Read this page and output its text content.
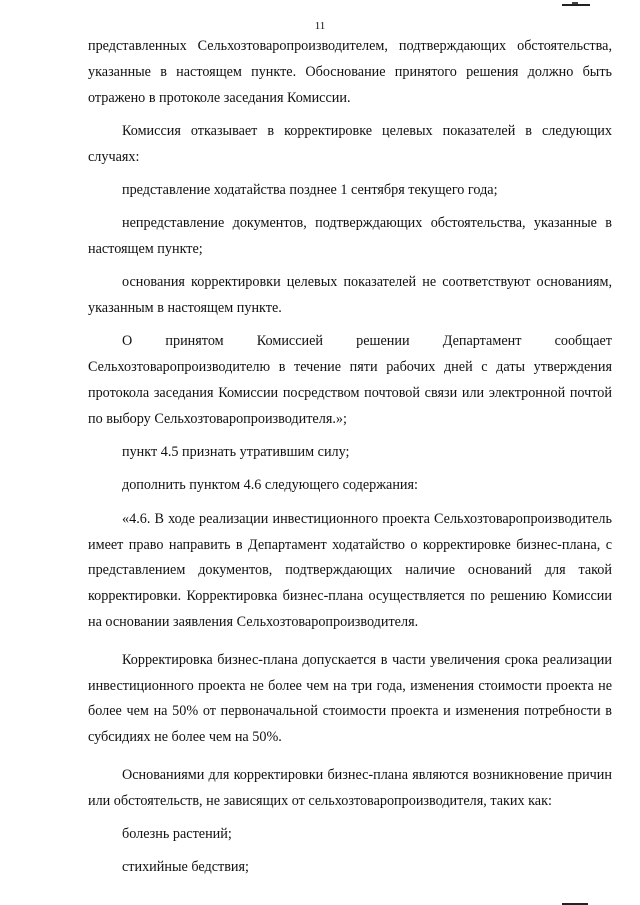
11

представленных Сельхозтоваропроизводителем, подтверждающих обстоятельства, указанные в настоящем пункте. Обоснование принятого решения должно быть отражено в протоколе заседания Комиссии.

Комиссия отказывает в корректировке целевых показателей в следующих случаях:

представление ходатайства позднее 1 сентября текущего года;

непредставление документов, подтверждающих обстоятельства, указанные в настоящем пункте;

основания корректировки целевых показателей не соответствуют основаниям, указанным в настоящем пункте.

О принятом Комиссией решении Департамент сообщает Сельхозтоваропроизводителю в течение пяти рабочих дней с даты утверждения протокола заседания Комиссии посредством почтовой связи или электронной почтой по выбору Сельхозтоваропроизводителя.»;

пункт 4.5 признать утратившим силу;

дополнить пунктом 4.6 следующего содержания:

«4.6. В ходе реализации инвестиционного проекта Сельхозтоваропроизводитель имеет право направить в Департамент ходатайство о корректировке бизнес-плана, с представлением документов, подтверждающих наличие оснований для такой корректировки. Корректировка бизнес-плана осуществляется по решению Комиссии на основании заявления Сельхозтоваропроизводителя.

Корректировка бизнес-плана допускается в части увеличения срока реализации инвестиционного проекта не более чем на три года, изменения стоимости проекта не более чем на 50% от первоначальной стоимости проекта и изменения потребности в субсидиях не более чем на 50%.

Основаниями для корректировки бизнес-плана являются возникновение причин или обстоятельств, не зависящих от сельхозтоваропроизводителя, таких как:

болезнь растений;

стихийные бедствия;
